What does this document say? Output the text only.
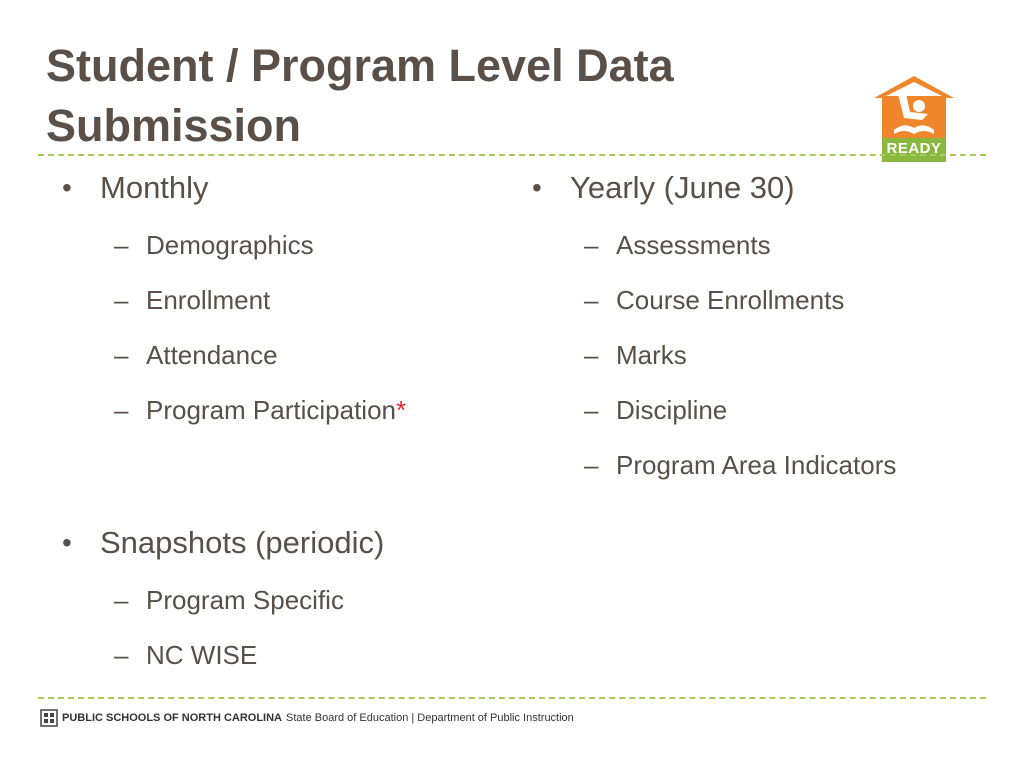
Student / Program Level Data
Submission	READY

• Monthly

– Demographics

– Enrollment

– Attendance

– Program Participation*

• Snapshots (periodic)

– Program Specific

– NC WISE

• Yearly (June 30)

– Assessments

– Course Enrollments

– Marks

– Discipline

– Program Area Indicators

PUBLIC SCHOOLS OF NORTH CAROLINA State Board of Education | Department of Public Instruction
